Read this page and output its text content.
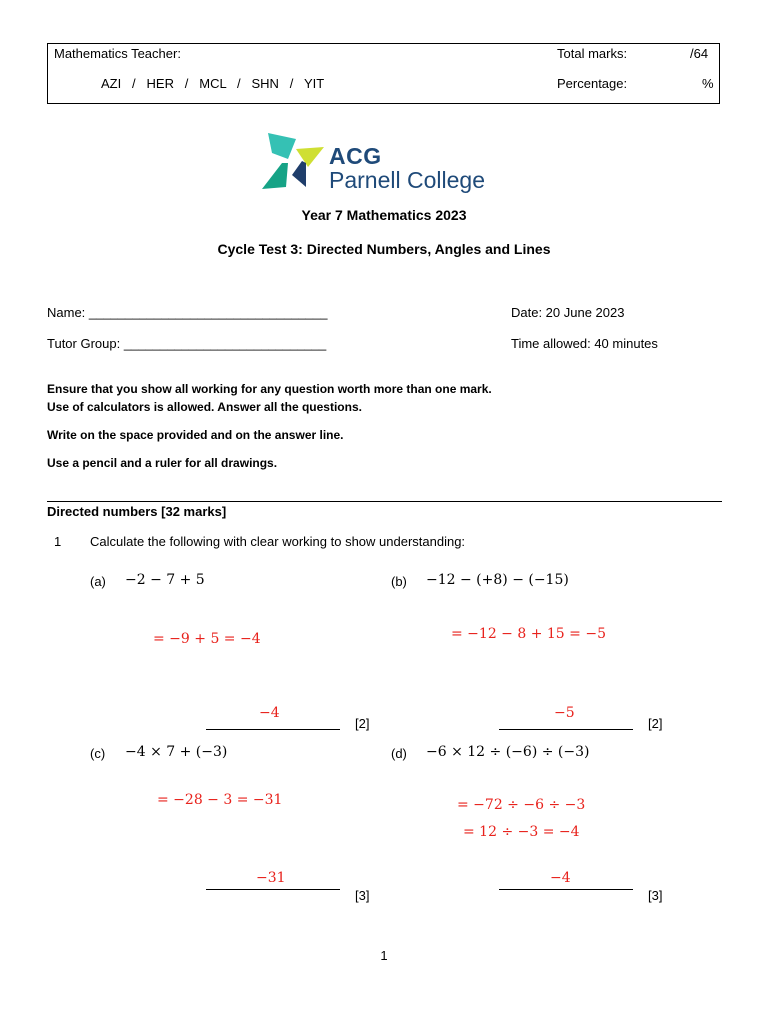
Mathematics Teacher:
AZI   /   HER   /   MCL   /   SHN   /   YIT
Total marks:	/64
Percentage:	%
ACG
Parnell College
Year 7 Mathematics 2023
Cycle Test 3: Directed Numbers, Angles and Lines
Name: _________________________________
Tutor Group: ____________________________
Date: 20 June 2023
Time allowed: 40 minutes
Ensure that you show all working for any question worth more than one mark.
Use of calculators is allowed. Answer all the questions.
Write on the space provided and on the answer line.
Use a pencil and a ruler for all drawings.
Directed numbers [32 marks]
1 Calculate the following with clear working to show understanding:
(a) −2 − 7 + 5
= −9 + 5 = −4
−4
[2]
(b) −12 − (+8) − (−15)
= −12 − 8 + 15 = −5
−5
[2]
(c) −4 × 7 + (−3)
= −28 − 3 = −31
−31
[3]
(d) −6 × 12 ÷ (−6) ÷ (−3)
= −72 ÷ −6 ÷ −3
= 12 ÷ −3 = −4
−4
[3]
1
